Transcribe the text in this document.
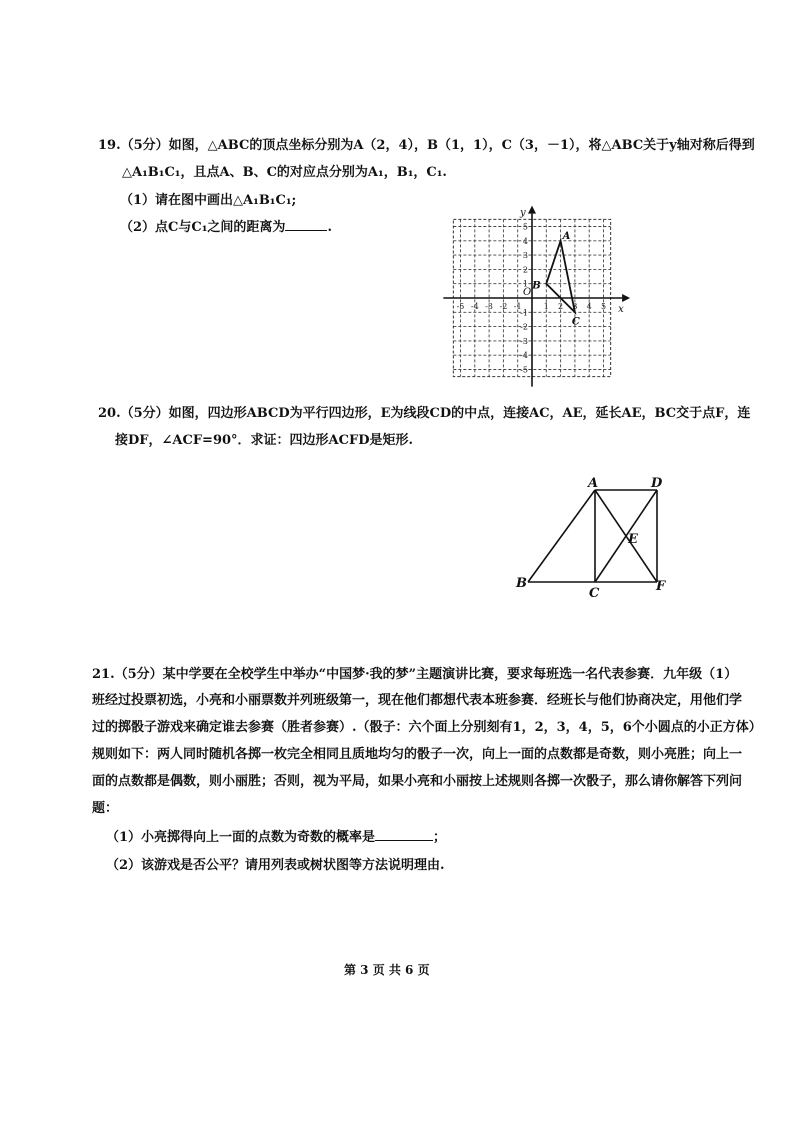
19.（5分）如图，△ABC的顶点坐标分别为A（2，4），B（1，1），C（3，－1），将△ABC关于y轴对称后得到
△A₁B₁C₁，且点A、B、C的对应点分别为A₁，B₁，C₁.
（1）请在图中画出△A₁B₁C₁;
（2）点C与C₁之间的距离为	.
x
y
O
-5 -4 -3 -2 -1	1 2 3 4 5
5
4
3
2
1
-1
-2
-3
-4
-5
A
B
C
20.（5分）如图，四边形ABCD为平行四边形，E为线段CD的中点，连接AC，AE，延长AE，BC交于点F，连
接DF，∠ACF=90°．求证：四边形ACFD是矩形.
A	D
E
B
C	F
21.（5分）某中学要在全校学生中举办“中国梦·我的梦”主题演讲比赛，要求每班选一名代表参赛．九年级（1）
班经过投票初选，小亮和小丽票数并列班级第一，现在他们都想代表本班参赛．经班长与他们协商决定，用他们学
过的掷骰子游戏来确定谁去参赛（胜者参赛）.（骰子：六个面上分别刻有1，2，3，4，5，6个小圆点的小正方体）
规则如下：两人同时随机各掷一枚完全相同且质地均匀的骰子一次，向上一面的点数都是奇数，则小亮胜；向上一
面的点数都是偶数，则小丽胜；否则，视为平局，如果小亮和小丽按上述规则各掷一次骰子，那么请你解答下列问
题：
（1）小亮掷得向上一面的点数为奇数的概率是	；
（2）该游戏是否公平？请用列表或树状图等方法说明理由.
第 3 页 共 6 页
